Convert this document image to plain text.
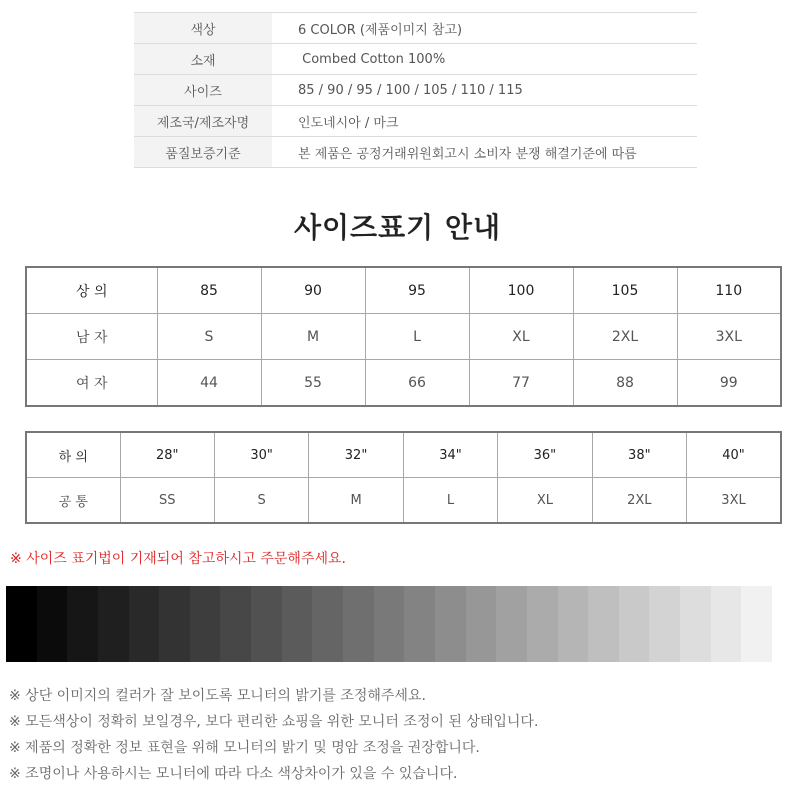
색상	6 COLOR (제품이미지 참고)
소재	Combed Cotton 100%
사이즈	85 / 90 / 95 / 100 / 105 / 110 / 115
제조국/제조자명	인도네시아 / 마크
품질보증기준	본 제품은 공정거래위원회고시 소비자 분쟁 해결기준에 따름
사이즈표기 안내
상 의	85	90	95	100	105	110
남 자	S	M	L	XL	2XL	3XL
여 자	44	55	66	77	88	99
하 의	28"	30"	32"	34"	36"	38"	40"
공 통	SS	S	M	L	XL	2XL	3XL
※ 사이즈 표기법이 기재되어 참고하시고 주문해주세요.
※ 상단 이미지의 컬러가 잘 보이도록 모니터의 밝기를 조정해주세요.
※ 모든색상이 정확히 보일경우, 보다 편리한 쇼핑을 위한 모니터 조정이 된 상태입니다.
※ 제품의 정확한 정보 표현을 위해 모니터의 밝기 및 명암 조정을 권장합니다.
※ 조명이나 사용하시는 모니터에 따라 다소 색상차이가 있을 수 있습니다.
